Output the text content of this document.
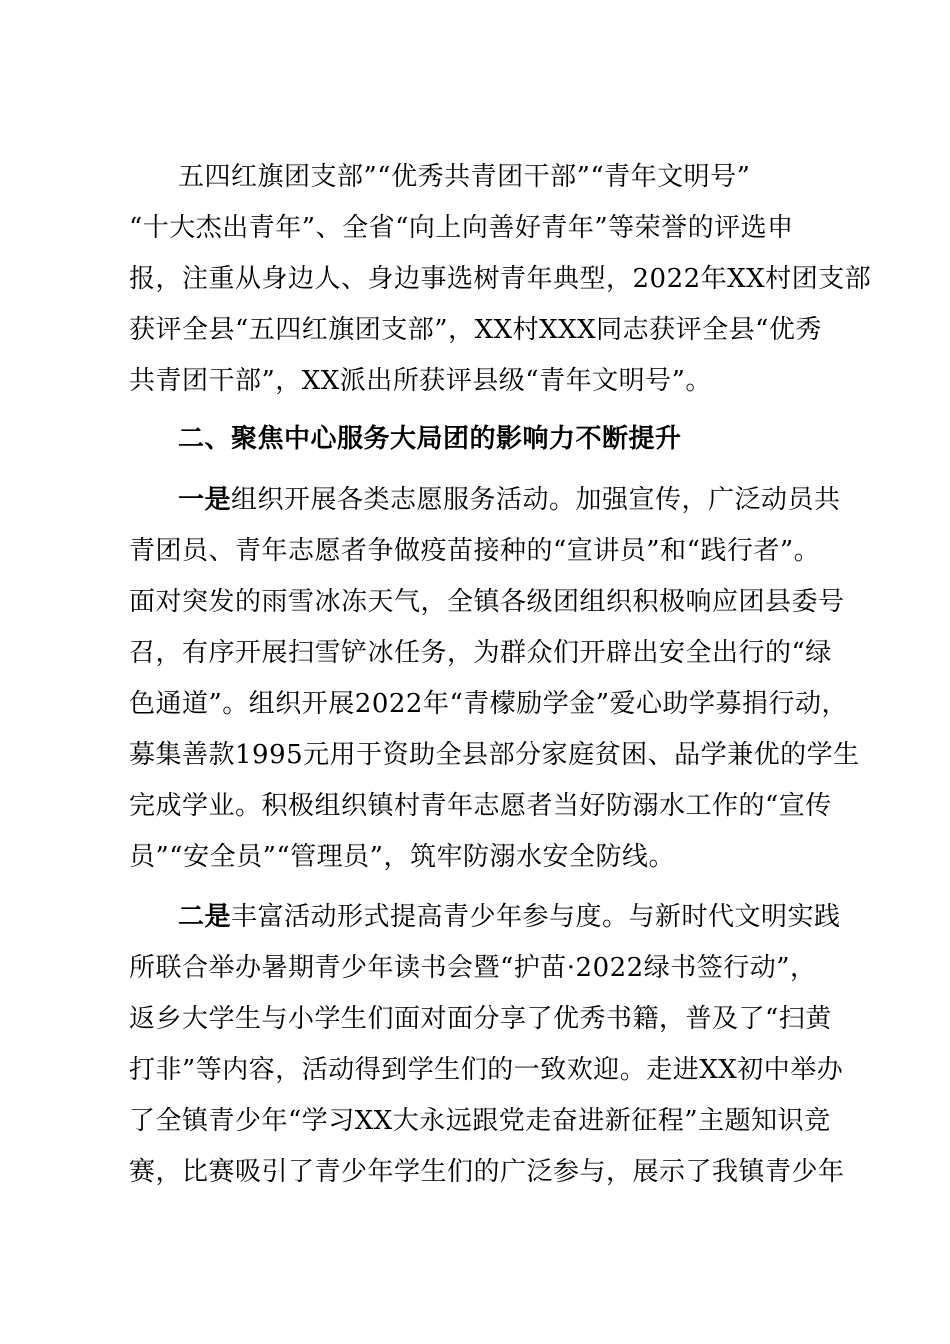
五四红旗团支部”“优秀共青团干部”“青年文明号”
“十大杰出青年”、全省“向上向善好青年”等荣誉的评选申
报，注重从身边人、身边事选树青年典型，2022年XX村团支部
获评全县“五四红旗团支部”，XX村XXX同志获评全县“优秀
共青团干部”，XX派出所获评县级“青年文明号”。
二、聚焦中心服务大局团的影响力不断提升
一是组织开展各类志愿服务活动。加强宣传，广泛动员共
青团员、青年志愿者争做疫苗接种的“宣讲员”和“践行者”。
面对突发的雨雪冰冻天气，全镇各级团组织积极响应团县委号
召，有序开展扫雪铲冰任务，为群众们开辟出安全出行的“绿
色通道”。组织开展2022年“青檬励学金”爱心助学募捐行动，
募集善款1995元用于资助全县部分家庭贫困、品学兼优的学生
完成学业。积极组织镇村青年志愿者当好防溺水工作的“宣传
员”“安全员”“管理员”，筑牢防溺水安全防线。
二是丰富活动形式提高青少年参与度。与新时代文明实践
所联合举办暑期青少年读书会暨“护苗·2022绿书签行动”，
返乡大学生与小学生们面对面分享了优秀书籍，普及了“扫黄
打非”等内容，活动得到学生们的一致欢迎。走进XX初中举办
了全镇青少年“学习XX大永远跟党走奋进新征程”主题知识竞
赛，比赛吸引了青少年学生们的广泛参与，展示了我镇青少年
